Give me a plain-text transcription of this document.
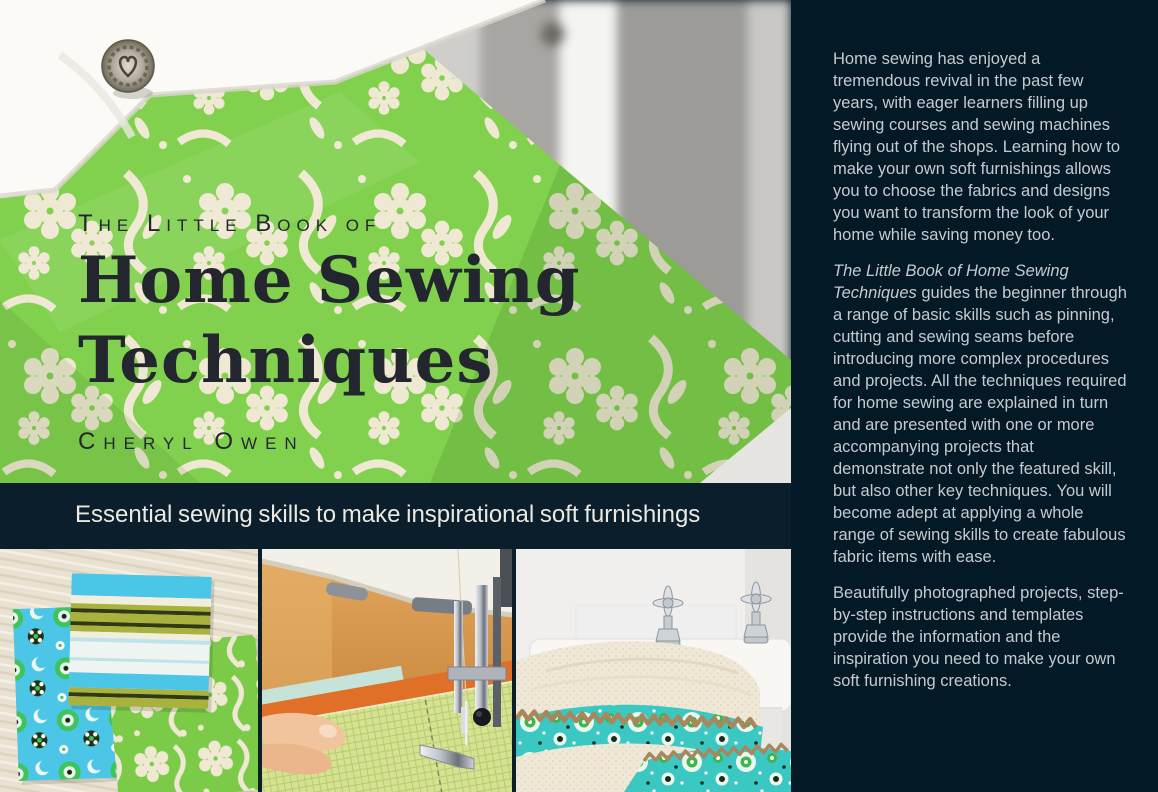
The Little Book of
Home Sewing
Techniques
Cheryl Owen
Essential sewing skills to make inspirational soft furnishings

Home sewing has enjoyed a tremendous revival in the past few years, with eager learners filling up sewing courses and sewing machines flying out of the shops. Learning how to make your own soft furnishings allows you to choose the fabrics and designs you want to transform the look of your home while saving money too.

The Little Book of Home Sewing Techniques guides the beginner through a range of basic skills such as pinning, cutting and sewing seams before introducing more complex procedures and projects. All the techniques required for home sewing are explained in turn and are presented with one or more accompanying projects that demonstrate not only the featured skill, but also other key techniques. You will become adept at applying a whole range of sewing skills to create fabulous fabric items with ease.

Beautifully photographed projects, step-by-step instructions and templates provide the information and the inspiration you need to make your own soft furnishing creations.
